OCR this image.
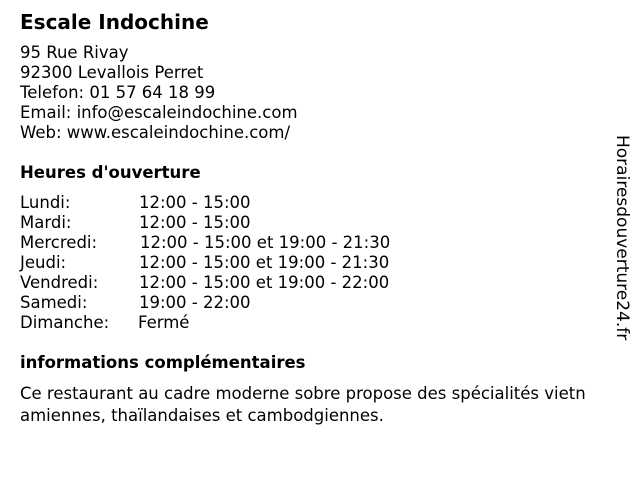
Escale Indochine
95 Rue Rivay
92300 Levallois Perret
Telefon: 01 57 64 18 99
Email: info@escaleindochine.com
Web: www.escaleindochine.com/
Heures d'ouverture
Lundi:	12:00 - 15:00
Mardi:	12:00 - 15:00
Mercredi:	12:00 - 15:00 et 19:00 - 21:30
Jeudi:	12:00 - 15:00 et 19:00 - 21:30
Vendredi: 12:00 - 15:00 et 19:00 - 22:00
Samedi:	19:00 - 22:00
Dimanche: Fermé
informations complémentaires
Ce restaurant au cadre moderne sobre propose des spécialités vietn
amiennes, thaïlandaises et cambodgiennes.
Horairesdouverture24.fr
